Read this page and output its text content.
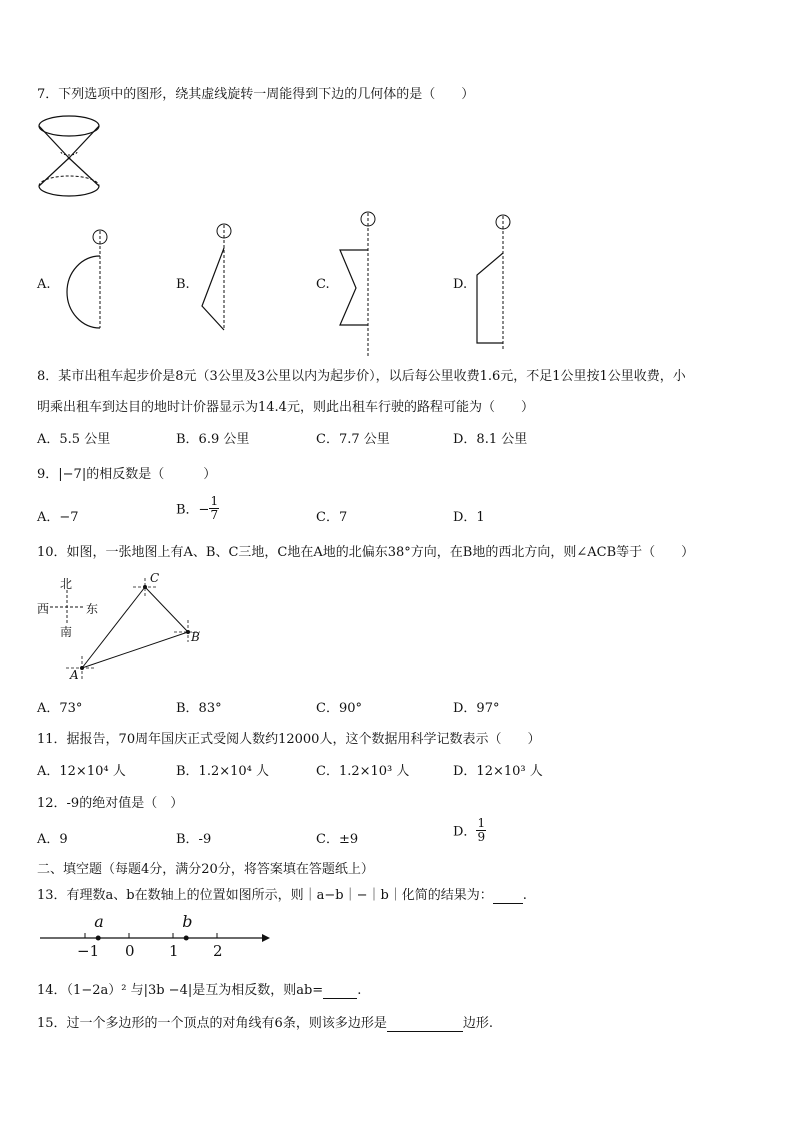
7．下列选项中的图形，绕其虚线旋转一周能得到下边的几何体的是（　　）
A.	B.	C.	D.
8．某市出租车起步价是8元（3公里及3公里以内为起步价），以后每公里收费1.6元，不足1公里按1公里收费，小
明乘出租车到达目的地时计价器显示为14.4元，则此出租车行驶的路程可能为（　　）
A．5.5 公里	B．6.9 公里	C．7.7 公里	D．8.1 公里
9．|−7|的相反数是（　　　）
A．−7	B．− $\frac{1}{7}$	C．7	D．1
10．如图，一张地图上有A、B、C三地，C地在A地的北偏东38°方向，在B地的西北方向，则∠ACB等于（　　）
北
南
西	东
A
C
B
A．73°	B．83°	C．90°	D．97°
11．据报告，70周年国庆正式受阅人数约12000人，这个数据用科学记数表示（　　）
A．12×10⁴ 人	B．1.2×10⁴ 人	C．1.2×10³ 人	D．12×10³ 人
12．-9的绝对值是（　）
A．9	B．-9	C．±9	D． $\frac{1}{9}$
二、填空题（每题4分，满分20分，将答案填在答题纸上）
13．有理数a、b在数轴上的位置如图所示，则｜a−b｜−｜b｜化简的结果为： .
−1 0 1 2
a	b
14．（1−2a）² 与|3b −4|是互为相反数，则ab=	.
15．过一个多边形的一个顶点的对角线有6条，则该多边形是	边形.
